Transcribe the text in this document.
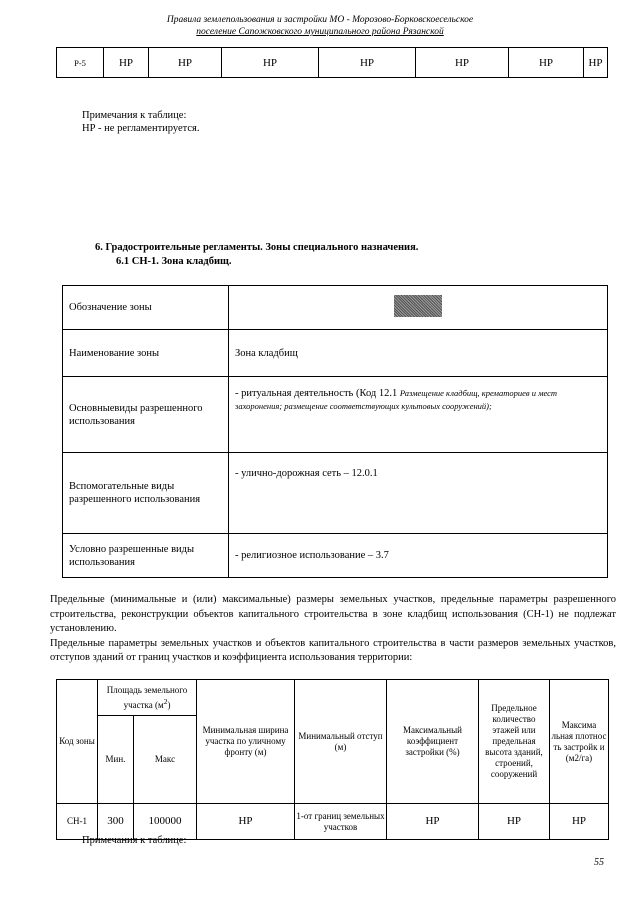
Правила землепользования и застройки МО - Морозово-Борковскоесельское
поселение Сапожковского муниципального района Рязанской
Р-5	НР	НР	НР	НР	НР	НР	НР
Примечания к таблице:
НР - не регламентируется.
6. Градостроительные регламенты. Зоны специального назначения.
6.1 СН-1. Зона кладбищ.
Обозначение зоны	
Наименование зоны	Зона кладбищ
Основныевиды разрешенного использования	- ритуальная деятельность (Код 12.1 Размещение кладбищ, крематориев и мест захоронения; размещение соответствующих культовых сооружений);
Вспомогательные виды разрешенного использования	- улично-дорожная сеть – 12.0.1
Условно разрешенные виды использования	- религиозное использование – 3.7
Предельные (минимальные и (или) максимальные) размеры земельных участков, предельные параметры разрешенного строительства, реконструкции объектов капитального строительства в зоне кладбищ использования (СН-1) не подлежат установлению.
Предельные параметры земельных участков и объектов капитального строительства в части размеров земельных участков, отступов зданий от границ участков и коэффициента использования территории:
Код зоны	Площадь земельного участка $(м^2)$		Минимальная ширина участка по уличному фронту (м)	Минимальный отступ (м)	Максимальный коэффициент застройки (%)	Предельное количество этажей или предельная высота зданий, строений, сооружений	Максима льная плотнос ть застройк и (м2/га)
	Мин.	Макс					
СН-1	300	100000	НР	1-от границ земельных участков	НР	НР	НР
Примечания к таблице:
55
